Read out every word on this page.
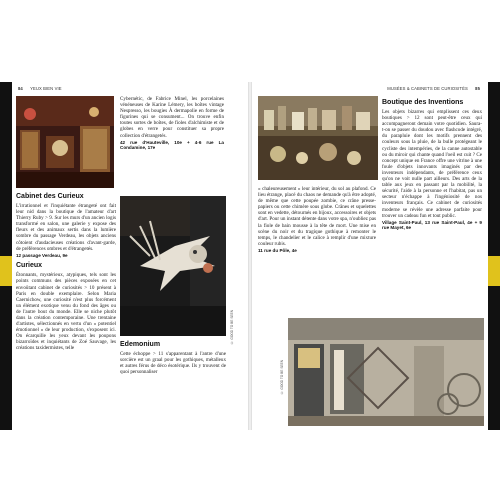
84 YEUX BIEN VIE	MUSÉES & CABINETS DE CURIOSITÉS 85
Cabinet des Curieux

L'irrationnel et l'inquiétante étrangeté ont fait leur nid dans la boutique de l'amateur d'art Thierry Ruby > 9. Sur les murs d'un ancien logis transformé en salon, une galerie y expose des fleurs et des animaux sertis dans la lumière sombre du passage Verdeau, les objets anciens côtoient d'audacieuses créations d'avant-garde, de préférences ombres et d'étrangetés.

12 passage Verdeau, 9e
Curieux

Étonnants, mystérieux, atypiques, tels sont les points communs des pièces exposées en cet envoûtant cabinet de curiosités > 10 présent à Paris en double exemplaire. Selon Maria Caernichow, une curiosité n'est plus forcément un élément exotique venu du fond des âges ou de l'autre bout du monde. Elle se niche plutôt dans la création contemporaine. Une trentaine d'artistes, sélectionnés en vertu d'un « potentiel émotionnel » de leur production, s'exposent ici. On écarquille les yeux devant les poupons bizarroïdes et inquiétants de Zoé Sauvage, les créations taxidermistes, telle

Cybernétic, de Fabrice Minel, les porcelaines vénéneuses de Karine Lémery, les boîtes vintage Nespresso, les bougies À dermapolie en forme de figurines qui se consument... On trouve enfin toutes sortes de boîtes, de fioles d'alchimiste et de globes en verre pour constituer sa propre collection d'étrangetés.

42 rue d'Hauteville, 10e + 4-6 rue La Condamine, 17e
© GOOD TO BE SEEN
Edemonium

Cette échoppe > 11 s'apparentant à l'antre d'une sorcière est un graal pour les gothiques, métalleux et autres férus de déco ésotérique. Ils y trouvent de quoi personnaliser

« chaleureusement » leur intérieur, du sol au plafond. Ce lieu étrange, placé du chaos ne demande qu'à être adopté, de même que cette poupée zombie, ce crâne presse-papiers ou cette chimère sous globe. Crânes et squelettes sont en vedette, détournés en bijoux, accessoires et objets d'art. Pour un instant détente dans votre spa, n'oubliez pas la fiole de bain mousse à la tête de mort. Une mise en scène du noir et du tragique gothique à remonter le temps, le chandelier et le calice à remplir d'une mixture couleur rubis.

11 rue du Pôle, 4e
Boutique des Inventions

Les objets bizarres qui emplissent ces deux boutiques > 12 sont peut-être ceux qui accompagneront demain votre quotidien. Saura-t-on se passer du doudou avec flashcode intégré, du parapluie dont les motifs prennent des couleurs sous la pluie, de la bulle protégeant le cycliste des intempéries, de la canne autostable ou du miroir qui chante quand l'oeil est cuit ? Ce concept unique en France offre une vitrine à une foule d'objets innovants imaginés par des inventeurs indépendants, de préférence ceux qu'on ne voit nulle part ailleurs. Des arts de la table aux jeux en passant par la mobilité, la sécurité, l'aide à la personne et l'habitat, pas un secteur n'échappe à l'ingéniosité de nos inventeurs français. Ce cabinet de curiosités moderne se révèle une adresse parfaite pour trouver un cadeau fun et tout public.

Village Saint-Paul, 13 rue Saint-Paul, 4e + 9 rue Mayet, 6e
© GOOD TO BE SEEN
